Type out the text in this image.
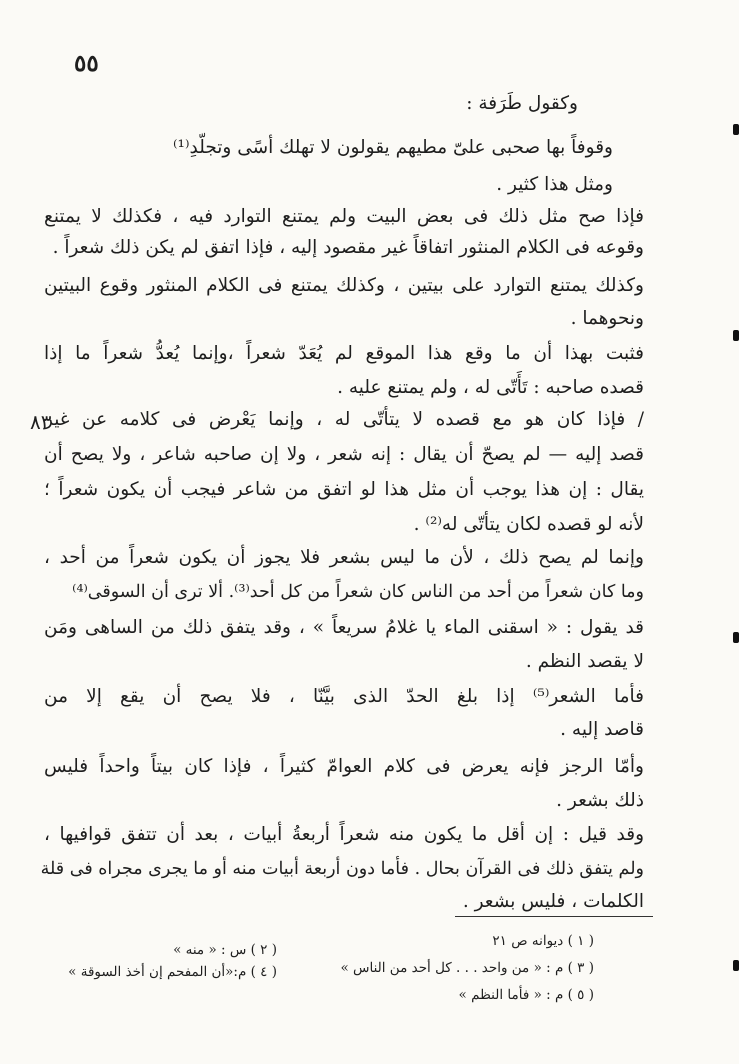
٥٥
٨٣
وكقول طَرَفة :
وقوفاً بها صحبى علىّ مطيهم يقولون لا تهلك أسًى وتجلّدِ⁽¹⁾
ومثل هذا كثير .
فإذا صح مثل ذلك فى بعض البيت ولم يمتنع التوارد فيه ، فكذلك لا يمتنع
وقوعه فى الكلام المنثور اتفاقاً غير مقصود إليه ، فإذا اتفق لم يكن ذلك شعراً .
وكذلك يمتنع التوارد على بيتين ، وكذلك يمتنع فى الكلام المنثور وقوع البيتين
ونحوهما .
فثبت بهذا أن ما وقع هذا الموقع لم يُعَدّ شعراً ،وإنما يُعدُّ شعراً ما إذا
قصده صاحبه : تَأَتّى له ، ولم يمتنع عليه .
/ فإذا كان هو مع قصده لا يتأتّى له ، وإنما يَعْرض فى كلامه عن غير
قصد إليه — لم يصحّ أن يقال : إنه شعر ، ولا إن صاحبه شاعر ، ولا يصح أن
يقال : إن هذا يوجب أن مثل هذا لو اتفق من شاعر فيجب أن يكون شعراً ؛
لأنه لو قصده لكان يتأتّى له⁽²⁾ .
وإنما لم يصح ذلك ، لأن ما ليس بشعر فلا يجوز أن يكون شعراً من أحد ،
وما كان شعراً من أحد من الناس كان شعراً من كل أحد⁽³⁾. ألا ترى أن السوقى⁽⁴⁾
قد يقول : « اسقنى الماء يا غلامُ سريعاً » ، وقد يتفق ذلك من الساهى ومَن
لا يقصد النظم .
فأما الشعر⁽⁵⁾ إذا بلغ الحدّ الذى بيَّنّا ، فلا يصح أن يقع إلا من
قاصد إليه .
وأمّا الرجز فإنه يعرض فى كلام العوامّ كثيراً ، فإذا كان بيتاً واحداً فليس
ذلك بشعر .
وقد قيل : إن أقل ما يكون منه شعراً أربعةُ أبيات ، بعد أن تتفق قوافيها ،
ولم يتفق ذلك فى القرآن بحال . فأما دون أربعة أبيات منه أو ما يجرى مجراه فى قلة
الكلمات ، فليس بشعر .
( ١ ) ديوانه ص ٢١
( ٢ ) س : « منه »
( ٣ ) م : « من واحد . . . كل أحد من الناس »
( ٤ ) م:«أن المفحم إن أخذ السوقة »
( ٥ ) م : « فأما النظم »
